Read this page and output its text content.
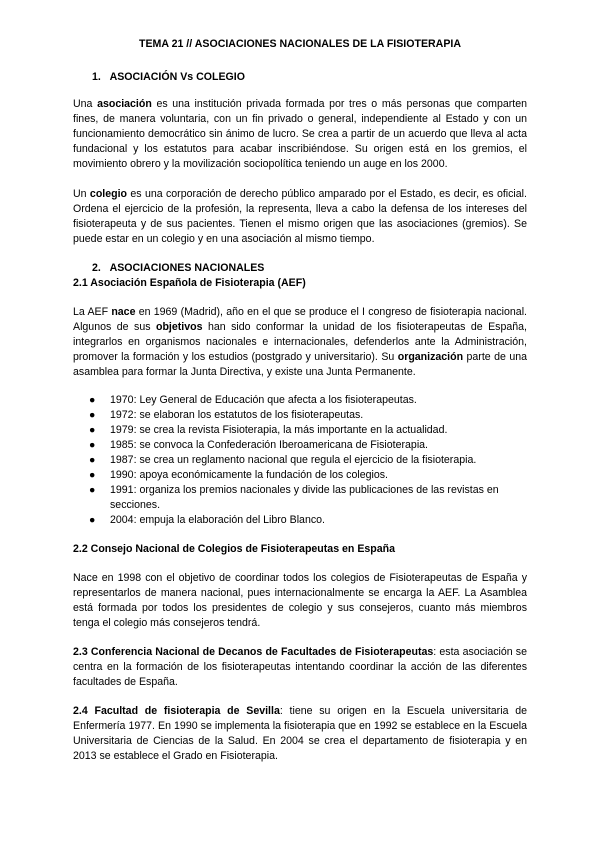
TEMA 21 // ASOCIACIONES NACIONALES DE LA FISIOTERAPIA
1. ASOCIACIÓN Vs COLEGIO

Una asociación es una institución privada formada por tres o más personas que comparten fines, de manera voluntaria, con un fin privado o general, independiente al Estado y con un funcionamiento democrático sin ánimo de lucro. Se crea a partir de un acuerdo que lleva al acta fundacional y los estatutos para acabar inscribiéndose. Su origen está en los gremios, el movimiento obrero y la movilización sociopolítica teniendo un auge en los 2000.

Un colegio es una corporación de derecho público amparado por el Estado, es decir, es oficial. Ordena el ejercicio de la profesión, la representa, lleva a cabo la defensa de los intereses del fisioterapeuta y de sus pacientes. Tienen el mismo origen que las asociaciones (gremios). Se puede estar en un colegio y en una asociación al mismo tiempo.

2. ASOCIACIONES NACIONALES
2.1 Asociación Española de Fisioterapia (AEF)

La AEF nace en 1969 (Madrid), año en el que se produce el I congreso de fisioterapia nacional. Algunos de sus objetivos han sido conformar la unidad de los fisioterapeutas de España, integrarlos en organismos nacionales e internacionales, defenderlos ante la Administración, promover la formación y los estudios (postgrado y universitario). Su organización parte de una asamblea para formar la Junta Directiva, y existe una Junta Permanente.

● 1970: Ley General de Educación que afecta a los fisioterapeutas.
● 1972: se elaboran los estatutos de los fisioterapeutas.
● 1979: se crea la revista Fisioterapia, la más importante en la actualidad.
● 1985: se convoca la Confederación Iberoamericana de Fisioterapia.
● 1987: se crea un reglamento nacional que regula el ejercicio de la fisioterapia.
● 1990: apoya económicamente la fundación de los colegios.
● 1991: organiza los premios nacionales y divide las publicaciones de las revistas en secciones.
● 2004: empuja la elaboración del Libro Blanco.
2.2 Consejo Nacional de Colegios de Fisioterapeutas en España

Nace en 1998 con el objetivo de coordinar todos los colegios de Fisioterapeutas de España y representarlos de manera nacional, pues internacionalmente se encarga la AEF. La Asamblea está formada por todos los presidentes de colegio y sus consejeros, cuanto más miembros tenga el colegio más consejeros tendrá.

2.3 Conferencia Nacional de Decanos de Facultades de Fisioterapeutas: esta asociación se centra en la formación de los fisioterapeutas intentando coordinar la acción de las diferentes facultades de España.

2.4 Facultad de fisioterapia de Sevilla: tiene su origen en la Escuela universitaria de Enfermería 1977. En 1990 se implementa la fisioterapia que en 1992 se establece en la Escuela Universitaria de Ciencias de la Salud. En 2004 se crea el departamento de fisioterapia y en 2013 se establece el Grado en Fisioterapia.
